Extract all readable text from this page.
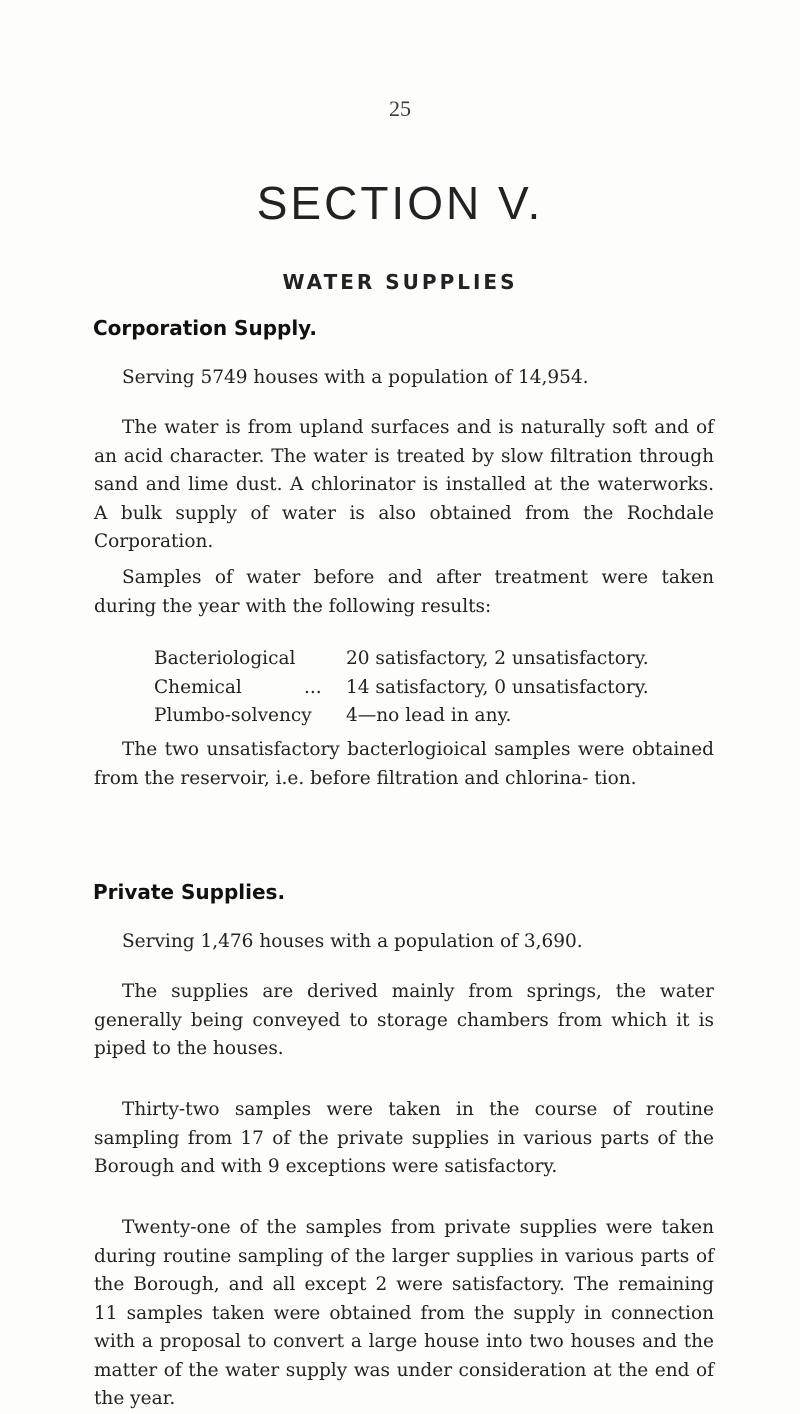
25
SECTION V.
WATER SUPPLIES
Corporation Supply.

Serving 5749 houses with a population of 14,954.

The water is from upland surfaces and is naturally soft and of an acid character. The water is treated by slow filtration through sand and lime dust. A chlorinator is installed at the waterworks. A bulk supply of water is also obtained from the Rochdale Corporation.

Samples of water before and after treatment were taken during the year with the following results:

Bacteriological	20 satisfactory, 2 unsatisfactory.
Chemical	...	14 satisfactory, 0 unsatisfactory.
Plumbo-solvency 4—no lead in any.

The two unsatisfactory bacterlogioical samples were obtained from the reservoir, i.e. before filtration and chlorina- tion.

Private Supplies.

Serving 1,476 houses with a population of 3,690.

The supplies are derived mainly from springs, the water generally being conveyed to storage chambers from which it is piped to the houses.

Thirty-two samples were taken in the course of routine sampling from 17 of the private supplies in various parts of the Borough and with 9 exceptions were satisfactory.

Twenty-one of the samples from private supplies were taken during routine sampling of the larger supplies in various parts of the Borough, and all except 2 were satisfactory. The remaining 11 samples taken were obtained from the supply in connection with a proposal to convert a large house into two houses and the matter of the water supply was under consideration at the end of the year.
